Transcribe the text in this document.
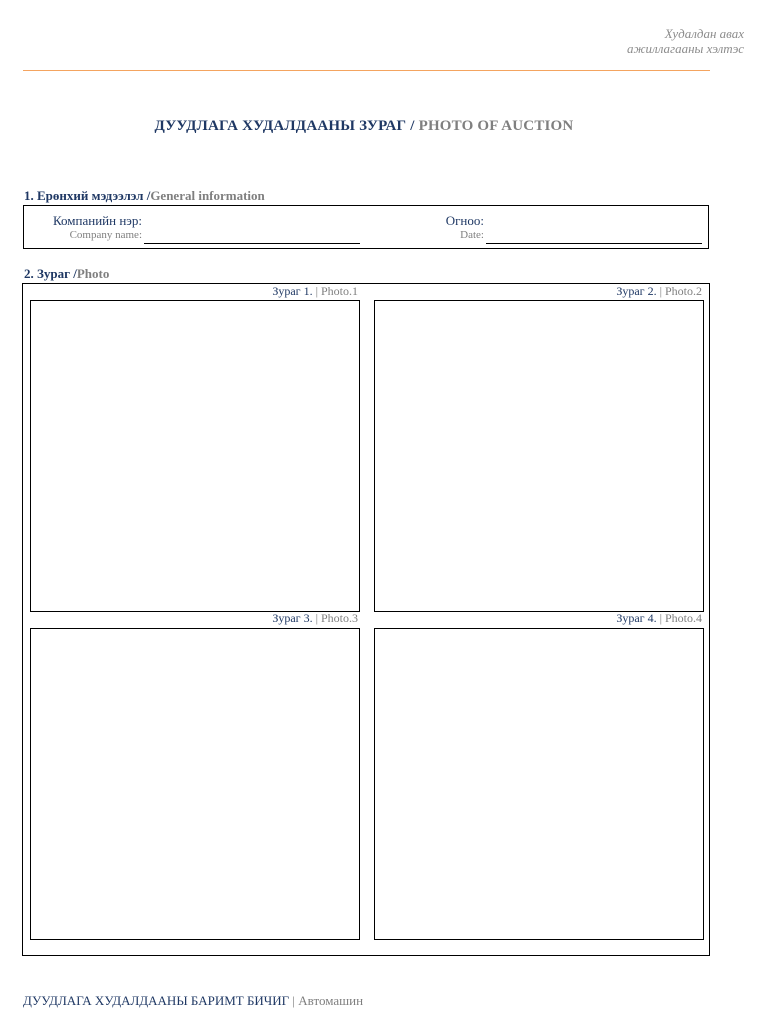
Худалдан авах
ажиллагааны хэлтэс
ДУУДЛАГА ХУДАЛДААНЫ ЗУРАГ / PHOTO OF AUCTION
1. Ерөнхий мэдээлэл /General information
Компанийн нэр:
Company name:
Огноо:
Date:
2. Зураг /Photo
Зураг 1. | Photo.1	Зураг 2. | Photo.2
Зураг 3. | Photo.3	Зураг 4. | Photo.4
ДУУДЛАГА ХУДАЛДААНЫ БАРИМТ БИЧИГ | Автомашин
